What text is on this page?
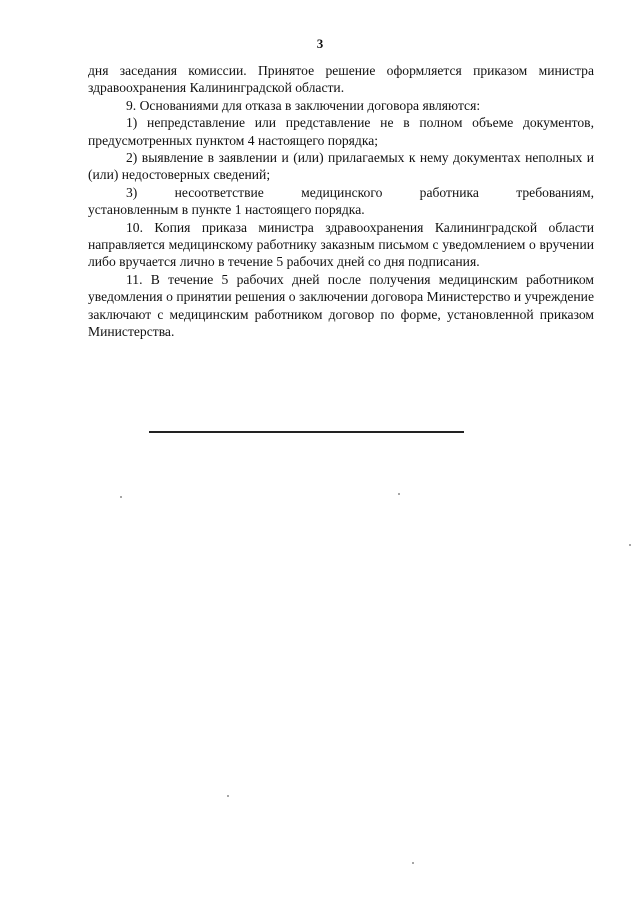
3

дня заседания комиссии. Принятое решение оформляется приказом министра здравоохранения Калининградской области.

9. Основаниями для отказа в заключении договора являются:

1) непредставление или представление не в полном объеме документов, предусмотренных пунктом 4 настоящего порядка;

2) выявление в заявлении и (или) прилагаемых к нему документах неполных и (или) недостоверных сведений;

3) несоответствие медицинского работника требованиям,

установленным в пункте 1 настоящего порядка.

10. Копия приказа министра здравоохранения Калининградской области направляется медицинскому работнику заказным письмом с уведомлением о вручении либо вручается лично в течение 5 рабочих дней со дня подписания.

11. В течение 5 рабочих дней после получения медицинским работником уведомления о принятии решения о заключении договора Министерство и учреждение заключают с медицинским работником договор по форме, установленной приказом Министерства.
